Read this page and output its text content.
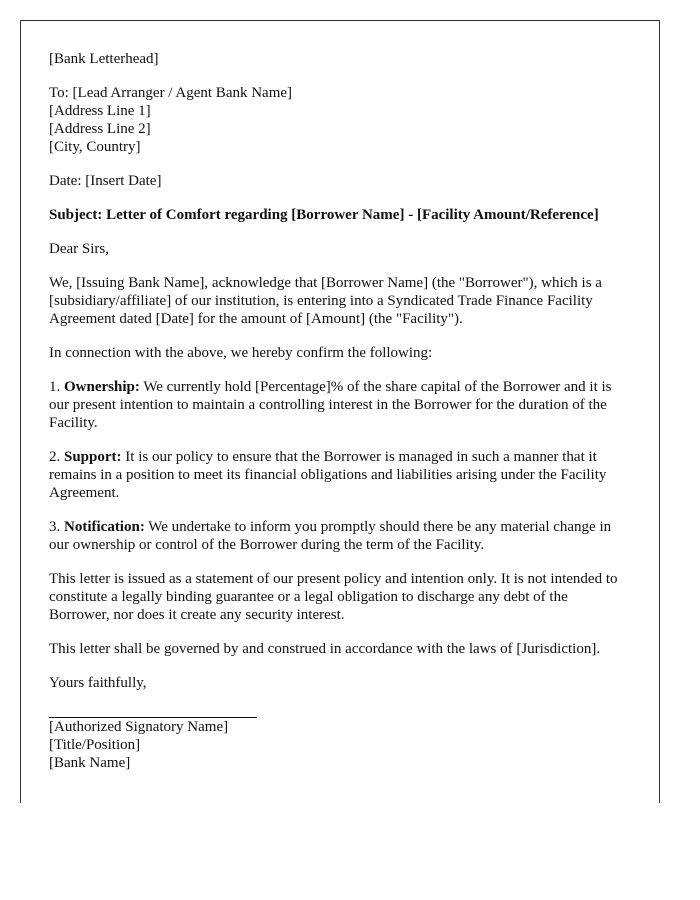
[Bank Letterhead]

To: [Lead Arranger / Agent Bank Name]
[Address Line 1]
[Address Line 2]
[City, Country]

Date: [Insert Date]

Subject: Letter of Comfort regarding [Borrower Name] - [Facility Amount/Reference]

Dear Sirs,

We, [Issuing Bank Name], acknowledge that [Borrower Name] (the "Borrower"), which is a [subsidiary/affiliate] of our institution, is entering into a Syndicated Trade Finance Facility Agreement dated [Date] for the amount of [Amount] (the "Facility").

In connection with the above, we hereby confirm the following:

1. Ownership: We currently hold [Percentage]% of the share capital of the Borrower and it is our present intention to maintain a controlling interest in the Borrower for the duration of the Facility.

2. Support: It is our policy to ensure that the Borrower is managed in such a manner that it remains in a position to meet its financial obligations and liabilities arising under the Facility Agreement.

3. Notification: We undertake to inform you promptly should there be any material change in our ownership or control of the Borrower during the term of the Facility.

This letter is issued as a statement of our present policy and intention only. It is not intended to constitute a legally binding guarantee or a legal obligation to discharge any debt of the Borrower, nor does it create any security interest.

This letter shall be governed by and construed in accordance with the laws of [Jurisdiction].

Yours faithfully,

[Authorized Signatory Name]
[Title/Position]
[Bank Name]
